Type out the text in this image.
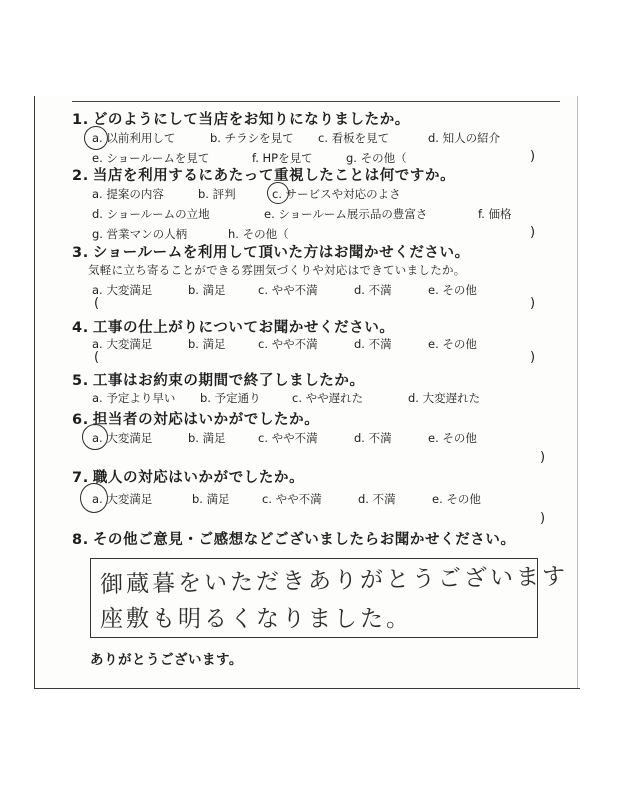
1. どのようにして当店をお知りになりましたか。
a. 以前利用して	b. チラシを見て c. 看板を見て	d. 知人の紹介
e. ショールームを見て	f. HPを見て	g. その他（	)
2. 当店を利用するにあたって重視したことは何ですか。
a. 提案の内容	b. 評判	c. サービスや対応のよさ
d. ショールームの立地	e. ショールーム展示品の豊富さ	f. 価格
g. 営業マンの人柄	h. その他（	)
3. ショールームを利用して頂いた方はお聞かせください。
気軽に立ち寄ることができる雰囲気づくりや対応はできていましたか。
a. 大変満足	b. 満足	c. やや不満	d. 不満	e. その他
(	)
4. 工事の仕上がりについてお聞かせください。
a. 大変満足	b. 満足	c. やや不満	d. 不満	e. その他
(	)
5. 工事はお約束の期間で終了しましたか。
a. 予定より早い b. 予定通り	c. やや遅れた	d. 大変遅れた
6. 担当者の対応はいかがでしたか。
a. 大変満足	b. 満足	c. やや不満	d. 不満	e. その他
)
7. 職人の対応はいかがでしたか。
a. 大変満足	b. 満足	c. やや不満	d. 不満	e. その他
)
8. その他ご意見・ご感想などございましたらお聞かせください。
御蔵暮をいただきありがとうございます
座敷も明るくなりました。
ありがとうございます。
